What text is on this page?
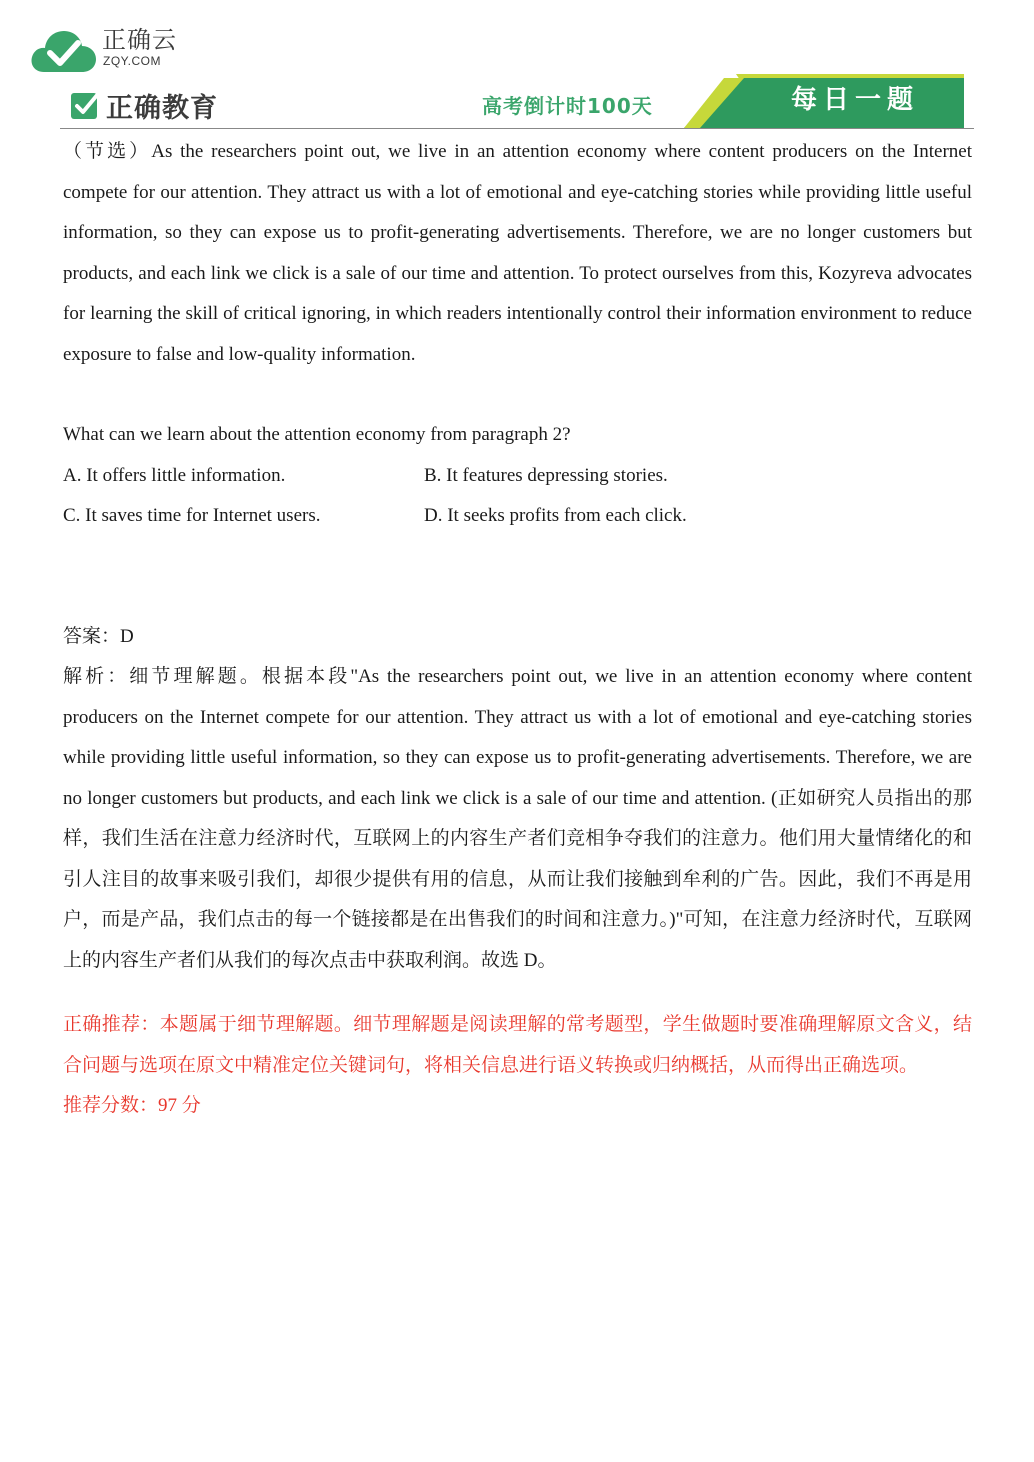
正确云
ZQY.COM
正确教育	高考倒计时100天	每日一题

（节选）As the researchers point out, we live in an attention economy where content producers on the Internet compete for our attention. They attract us with a lot of emotional and eye-catching stories while providing little useful information, so they can expose us to profit-generating advertisements. Therefore, we are no longer customers but products, and each link we click is a sale of our time and attention. To protect ourselves from this, Kozyreva advocates for learning the skill of critical ignoring, in which readers intentionally control their information environment to reduce exposure to false and low-quality information.

What can we learn about the attention economy from paragraph 2?

A. It offers little information.	B. It features depressing stories.
C. It saves time for Internet users.	D. It seeks profits from each click.

答案：D

解析：细节理解题。根据本段"As the researchers point out, we live in an attention economy where content producers on the Internet compete for our attention. They attract us with a lot of emotional and eye-catching stories while providing little useful information, so they can expose us to profit-generating advertisements. Therefore, we are no longer customers but products, and each link we click is a sale of our time and attention. (正如研究人员指出的那样，我们生活在注意力经济时代，互联网上的内容生产者们竞相争夺我们的注意力。他们用大量情绪化的和引人注目的故事来吸引我们，却很少提供有用的信息，从而让我们接触到牟利的广告。因此，我们不再是用户，而是产品，我们点击的每一个链接都是在出售我们的时间和注意力。)"可知，在注意力经济时代，互联网上的内容生产者们从我们的每次点击中获取利润。故选 D。

正确推荐：本题属于细节理解题。细节理解题是阅读理解的常考题型，学生做题时要准确理解原文含义，结合问题与选项在原文中精准定位关键词句，将相关信息进行语义转换或归纳概括，从而得出正确选项。

推荐分数：97 分
